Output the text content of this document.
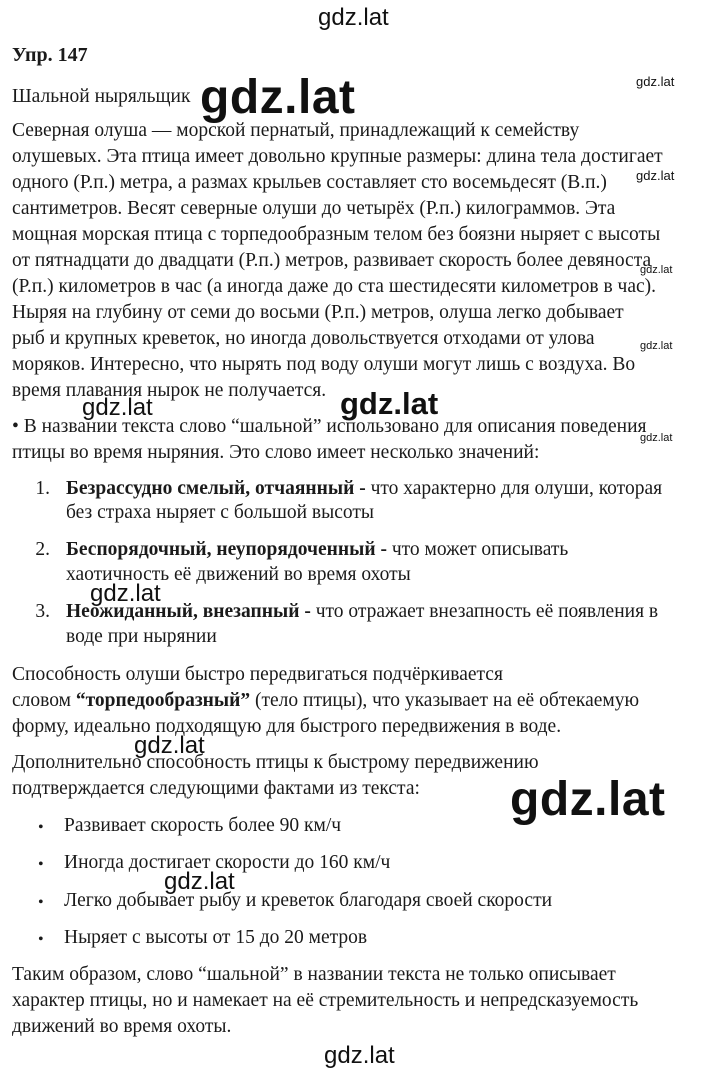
gdz.lat
Упр. 147
Шальной ныряльщик
Северная олуша — морской пернатый, принадлежащий к семейству
олушевых. Эта птица имеет довольно крупные размеры: длина тела достигает
одного (Р.п.) метра, а размах крыльев составляет сто восемьдесят (В.п.)
сантиметров. Весят северные олуши до четырёх (Р.п.) килограммов. Эта
мощная морская птица с торпедообразным телом без боязни ныряет с высоты
от пятнадцати до двадцати (Р.п.) метров, развивает скорость более девяноста
(Р.п.) километров в час (а иногда даже до ста шестидесяти километров в час).
Ныряя на глубину от семи до восьми (Р.п.) метров, олуша легко добывает
рыб и крупных креветок, но иногда довольствуется отходами от улова
моряков. Интересно, что нырять под воду олуши могут лишь с воздуха. Во
время плавания нырок не получается.
• В названии текста слово “шальной” использовано для описания поведения
птицы во время ныряния. Это слово имеет несколько значений:
1. Безрассудно смелый, отчаянный - что характерно для олуши, которая
без страха ныряет с большой высоты
2. Беспорядочный, неупорядоченный - что может описывать
хаотичность её движений во время охоты
3. Неожиданный, внезапный - что отражает внезапность её появления в
воде при нырянии
Способность олуши быстро передвигаться подчёркивается
словом “торпедообразный” (тело птицы), что указывает на её обтекаемую
форму, идеально подходящую для быстрого передвижения в воде.
Дополнительно способность птицы к быстрому передвижению
подтверждается следующими фактами из текста:
• Развивает скорость более 90 км/ч
• Иногда достигает скорости до 160 км/ч
• Легко добывает рыбу и креветок благодаря своей скорости
• Ныряет с высоты от 15 до 20 метров
Таким образом, слово “шальной” в названии текста не только описывает
характер птицы, но и намекает на её стремительность и непредсказуемость
движений во время охоты.
gdz.lat	gdz.lat
gdz.lat
gdz.lat
gdz.lat
gdz.lat
gdz.lat	gdz.lat
gdz.lat
gdz.lat
gdz.lat
gdz.lat
gdz.lat
